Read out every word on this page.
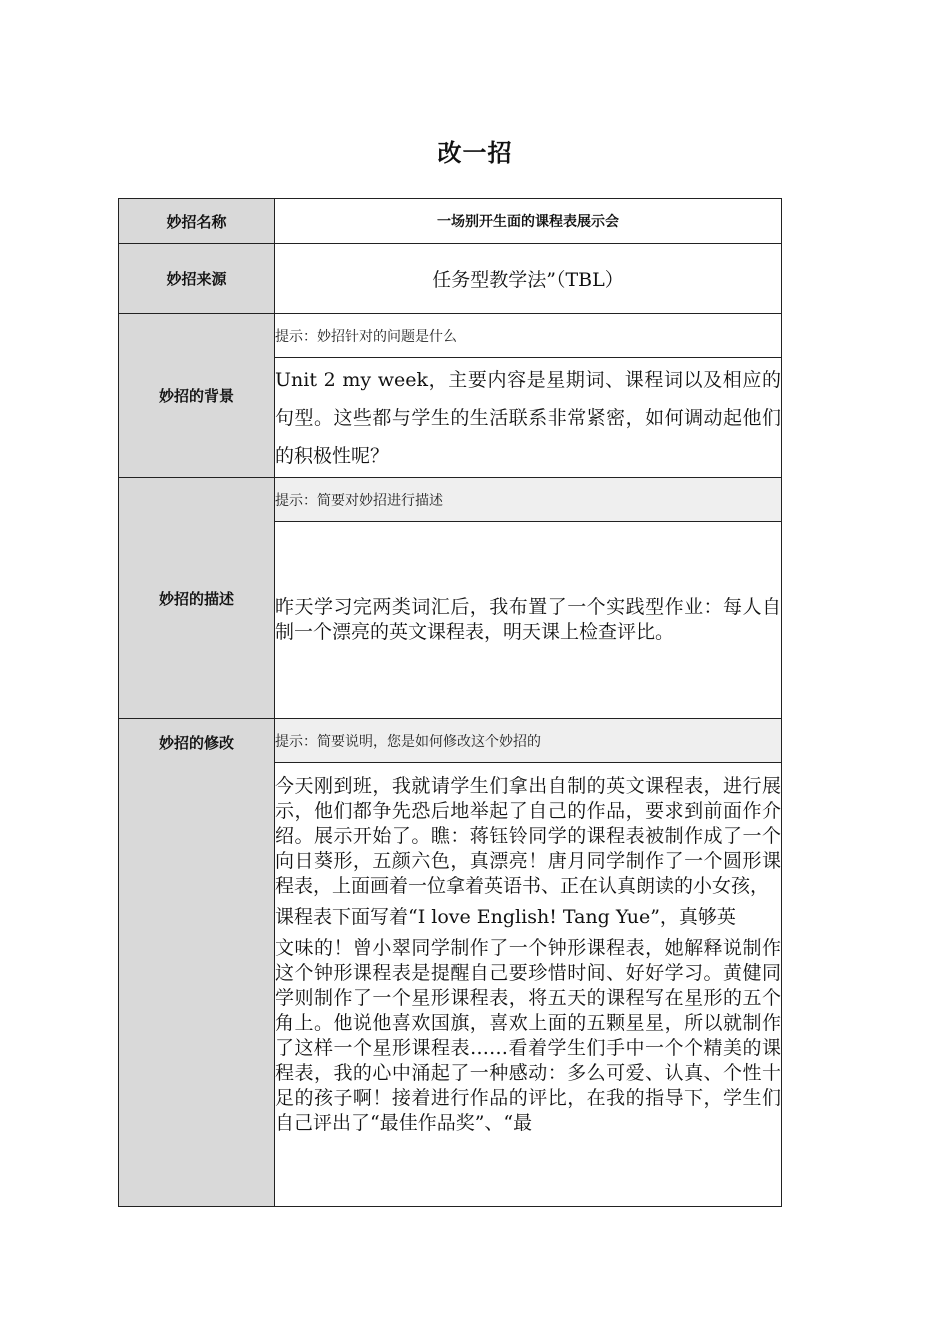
改一招
妙招名称	一场别开生面的课程表展示会
妙招来源	任务型教学法”（TBL）
妙招的背景	提示：妙招针对的问题是什么
	Unit 2 my week，主要内容是星期词、课程词以及相应的句型。这些都与学生的生活联系非常紧密，如何调动起他们的积极性呢？
妙招的描述	提示：简要对妙招进行描述
	昨天学习完两类词汇后，我布置了一个实践型作业：每人自制一个漂亮的英文课程表，明天课上检查评比。
妙招的修改	提示：简要说明，您是如何修改这个妙招的

	今天刚到班，我就请学生们拿出自制的英文课程表，进行展示，他们都争先恐后地举起了自己的作品，要求到前面作介绍。展示开始了。瞧：蒋钰铃同学的课程表被制作成了一个向日葵形，五颜六色，真漂亮！唐月同学制作了一个圆形课程表，上面画着一位拿着英语书、正在认真朗读的小女孩，

课程表下面写着“I love English! Tang Yue”，真够英

文味的！曾小翠同学制作了一个钟形课程表，她解释说制作这个钟形课程表是提醒自己要珍惜时间、好好学习。黄健同学则制作了一个星形课程表，将五天的课程写在星形的五个角上。他说他喜欢国旗，喜欢上面的五颗星星，所以就制作了这样一个星形课程表……看着学生们手中一个个精美的课程表，我的心中涌起了一种感动：多么可爱、认真、个性十足的孩子啊！接着进行作品的评比，在我的指导下，学生们自己评出了“最佳作品奖”、“最
